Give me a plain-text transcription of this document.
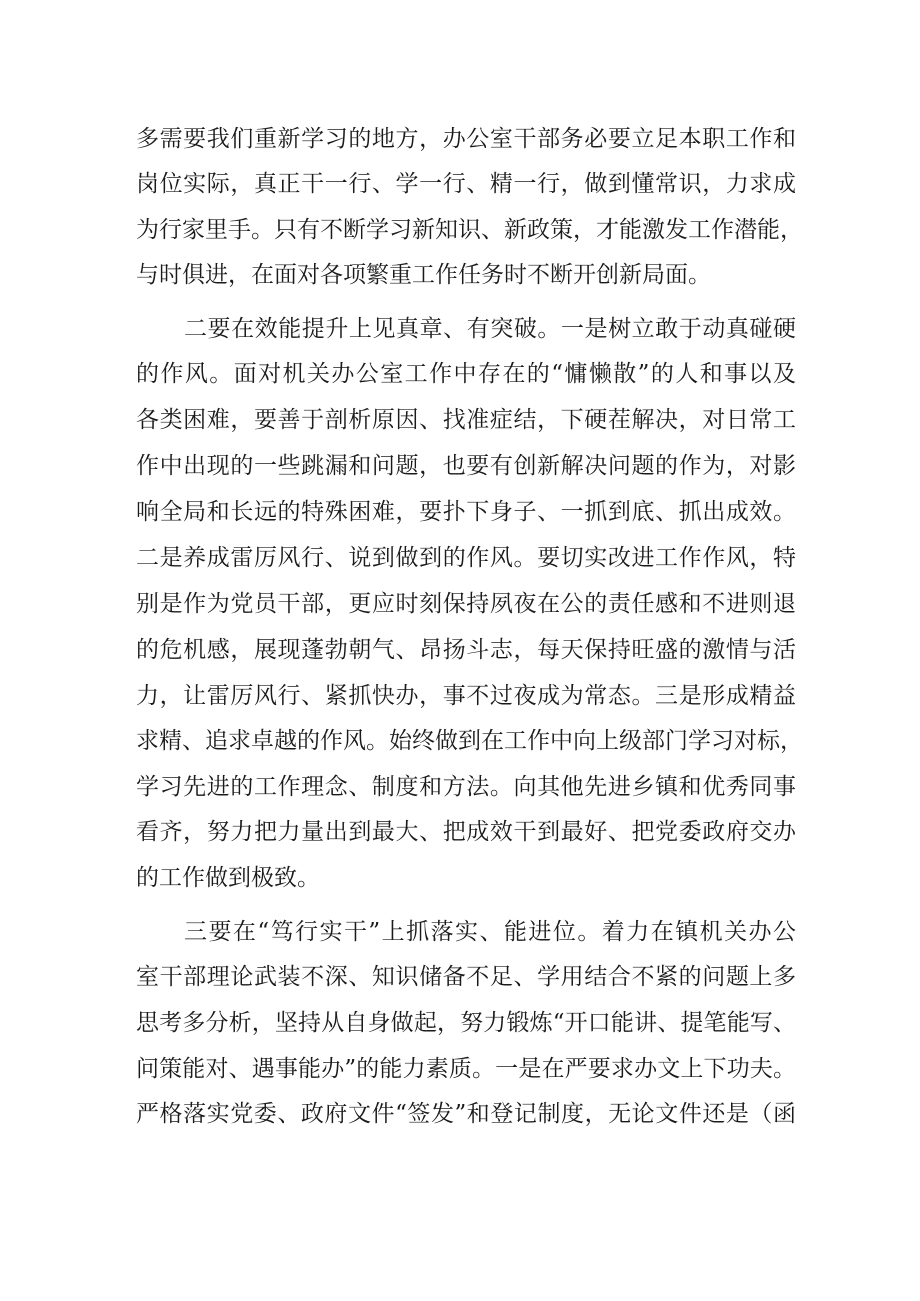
多需要我们重新学习的地方，办公室干部务必要立足本职工作和
岗位实际，真正干一行、学一行、精一行，做到懂常识，力求成
为行家里手。只有不断学习新知识、新政策，才能激发工作潜能，
与时俱进，在面对各项繁重工作任务时不断开创新局面。
二要在效能提升上见真章、有突破。一是树立敢于动真碰硬
的作风。面对机关办公室工作中存在的“慵懒散”的人和事以及
各类困难，要善于剖析原因、找准症结，下硬茬解决，对日常工
作中出现的一些跳漏和问题，也要有创新解决问题的作为，对影
响全局和长远的特殊困难，要扑下身子、一抓到底、抓出成效。
二是养成雷厉风行、说到做到的作风。要切实改进工作作风，特
别是作为党员干部，更应时刻保持夙夜在公的责任感和不进则退
的危机感，展现蓬勃朝气、昂扬斗志，每天保持旺盛的激情与活
力，让雷厉风行、紧抓快办，事不过夜成为常态。三是形成精益
求精、追求卓越的作风。始终做到在工作中向上级部门学习对标，
学习先进的工作理念、制度和方法。向其他先进乡镇和优秀同事
看齐，努力把力量出到最大、把成效干到最好、把党委政府交办
的工作做到极致。
三要在“笃行实干”上抓落实、能进位。着力在镇机关办公
室干部理论武装不深、知识储备不足、学用结合不紧的问题上多
思考多分析，坚持从自身做起，努力锻炼“开口能讲、提笔能写、
问策能对、遇事能办”的能力素质。一是在严要求办文上下功夫。
严格落实党委、政府文件“签发”和登记制度，无论文件还是（函
